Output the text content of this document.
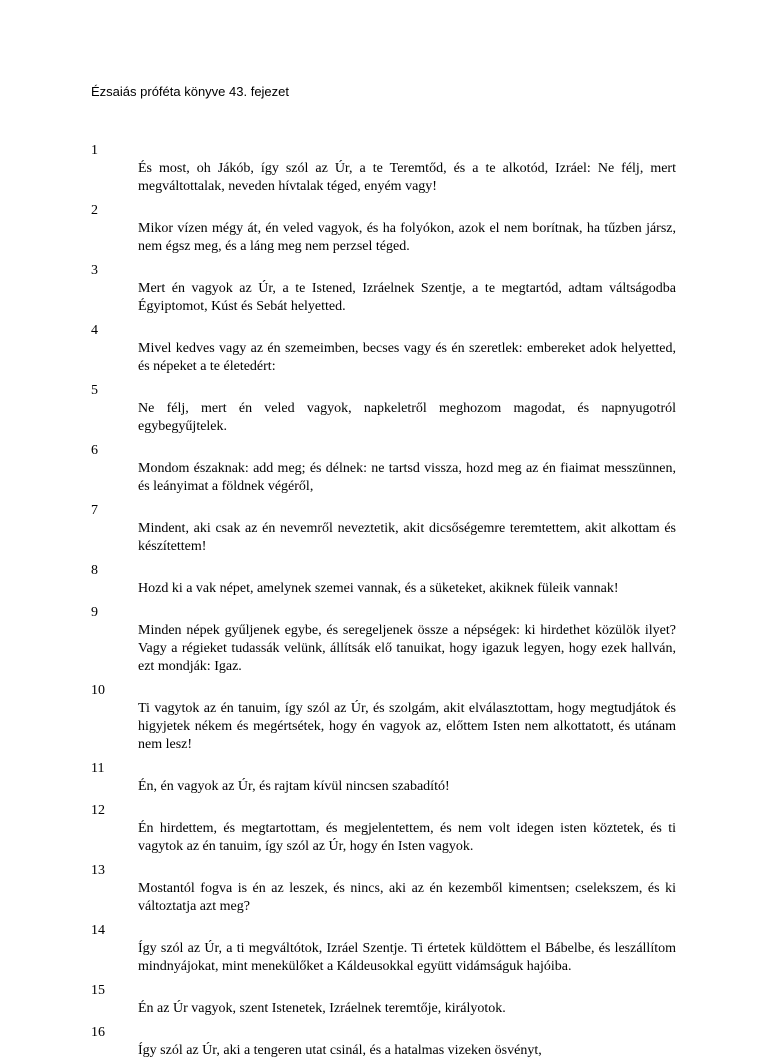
Ézsaiás próféta könyve 43. fejezet
1
És most, oh Jákób, így szól az Úr, a te Teremtőd, és a te alkotód, Izráel: Ne félj, mert megváltottalak, neveden hívtalak téged, enyém vagy!
2
Mikor vízen mégy át, én veled vagyok, és ha folyókon, azok el nem borítnak, ha tűzben jársz, nem égsz meg, és a láng meg nem perzsel téged.
3
Mert én vagyok az Úr, a te Istened, Izráelnek Szentje, a te megtartód, adtam váltságodba Égyiptomot, Kúst és Sebát helyetted.
4
Mivel kedves vagy az én szemeimben, becses vagy és én szeretlek: embereket adok helyetted, és népeket a te életedért:
5
Ne félj, mert én veled vagyok, napkeletről meghozom magodat, és napnyugotról egybegyűjtelek.
6
Mondom északnak: add meg; és délnek: ne tartsd vissza, hozd meg az én fiaimat messzünnen, és leányimat a földnek végéről,
7
Mindent, aki csak az én nevemről neveztetik, akit dicsőségemre teremtettem, akit alkottam és készítettem!
8
Hozd ki a vak népet, amelynek szemei vannak, és a süketeket, akiknek füleik vannak!
9
Minden népek gyűljenek egybe, és seregeljenek össze a népségek: ki hirdethet közülök ilyet? Vagy a régieket tudassák velünk, állítsák elő tanuikat, hogy igazuk legyen, hogy ezek hallván, ezt mondják: Igaz.
10
Ti vagytok az én tanuim, így szól az Úr, és szolgám, akit elválasztottam, hogy megtudjátok és higyjetek nékem és megértsétek, hogy én vagyok az, előttem Isten nem alkottatott, és utánam nem lesz!
11
Én, én vagyok az Úr, és rajtam kívül nincsen szabadító!
12
Én hirdettem, és megtartottam, és megjelentettem, és nem volt idegen isten köztetek, és ti vagytok az én tanuim, így szól az Úr, hogy én Isten vagyok.
13
Mostantól fogva is én az leszek, és nincs, aki az én kezemből kimentsen; cselekszem, és ki változtatja azt meg?
14
Így szól az Úr, a ti megváltótok, Izráel Szentje. Ti értetek küldöttem el Bábelbe, és leszállítom mindnyájokat, mint menekülőket a Káldeusokkal együtt vidámságuk hajóiba.
15
Én az Úr vagyok, szent Istenetek, Izráelnek teremtője, királyotok.
16
Így szól az Úr, aki a tengeren utat csinál, és a hatalmas vizeken ösvényt,
